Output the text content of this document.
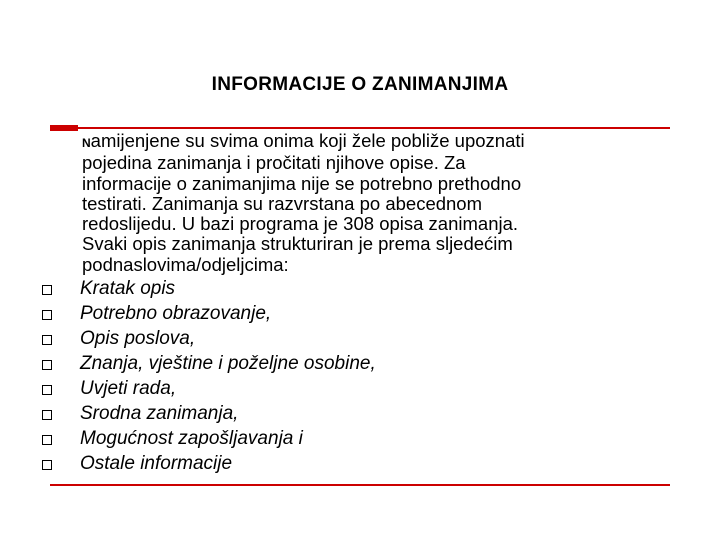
INFORMACIJE O ZANIMANJIMA
Namijenjene su svima onima koji žele pobliže upoznati
pojedina zanimanja i pročitati njihove opise. Za
informacije o zanimanjima nije se potrebno prethodno
testirati. Zanimanja su razvrstana po abecednom
redoslijedu. U bazi programa je 308 opisa zanimanja.
Svaki opis zanimanja strukturiran je prema sljedećim
podnaslovima/odjeljcima:
Kratak opis
Potrebno obrazovanje,
Opis poslova,
Znanja, vještine i poželjne osobine,
Uvjeti rada,
Srodna zanimanja,
Mogućnost zapošljavanja i
Ostale informacije
